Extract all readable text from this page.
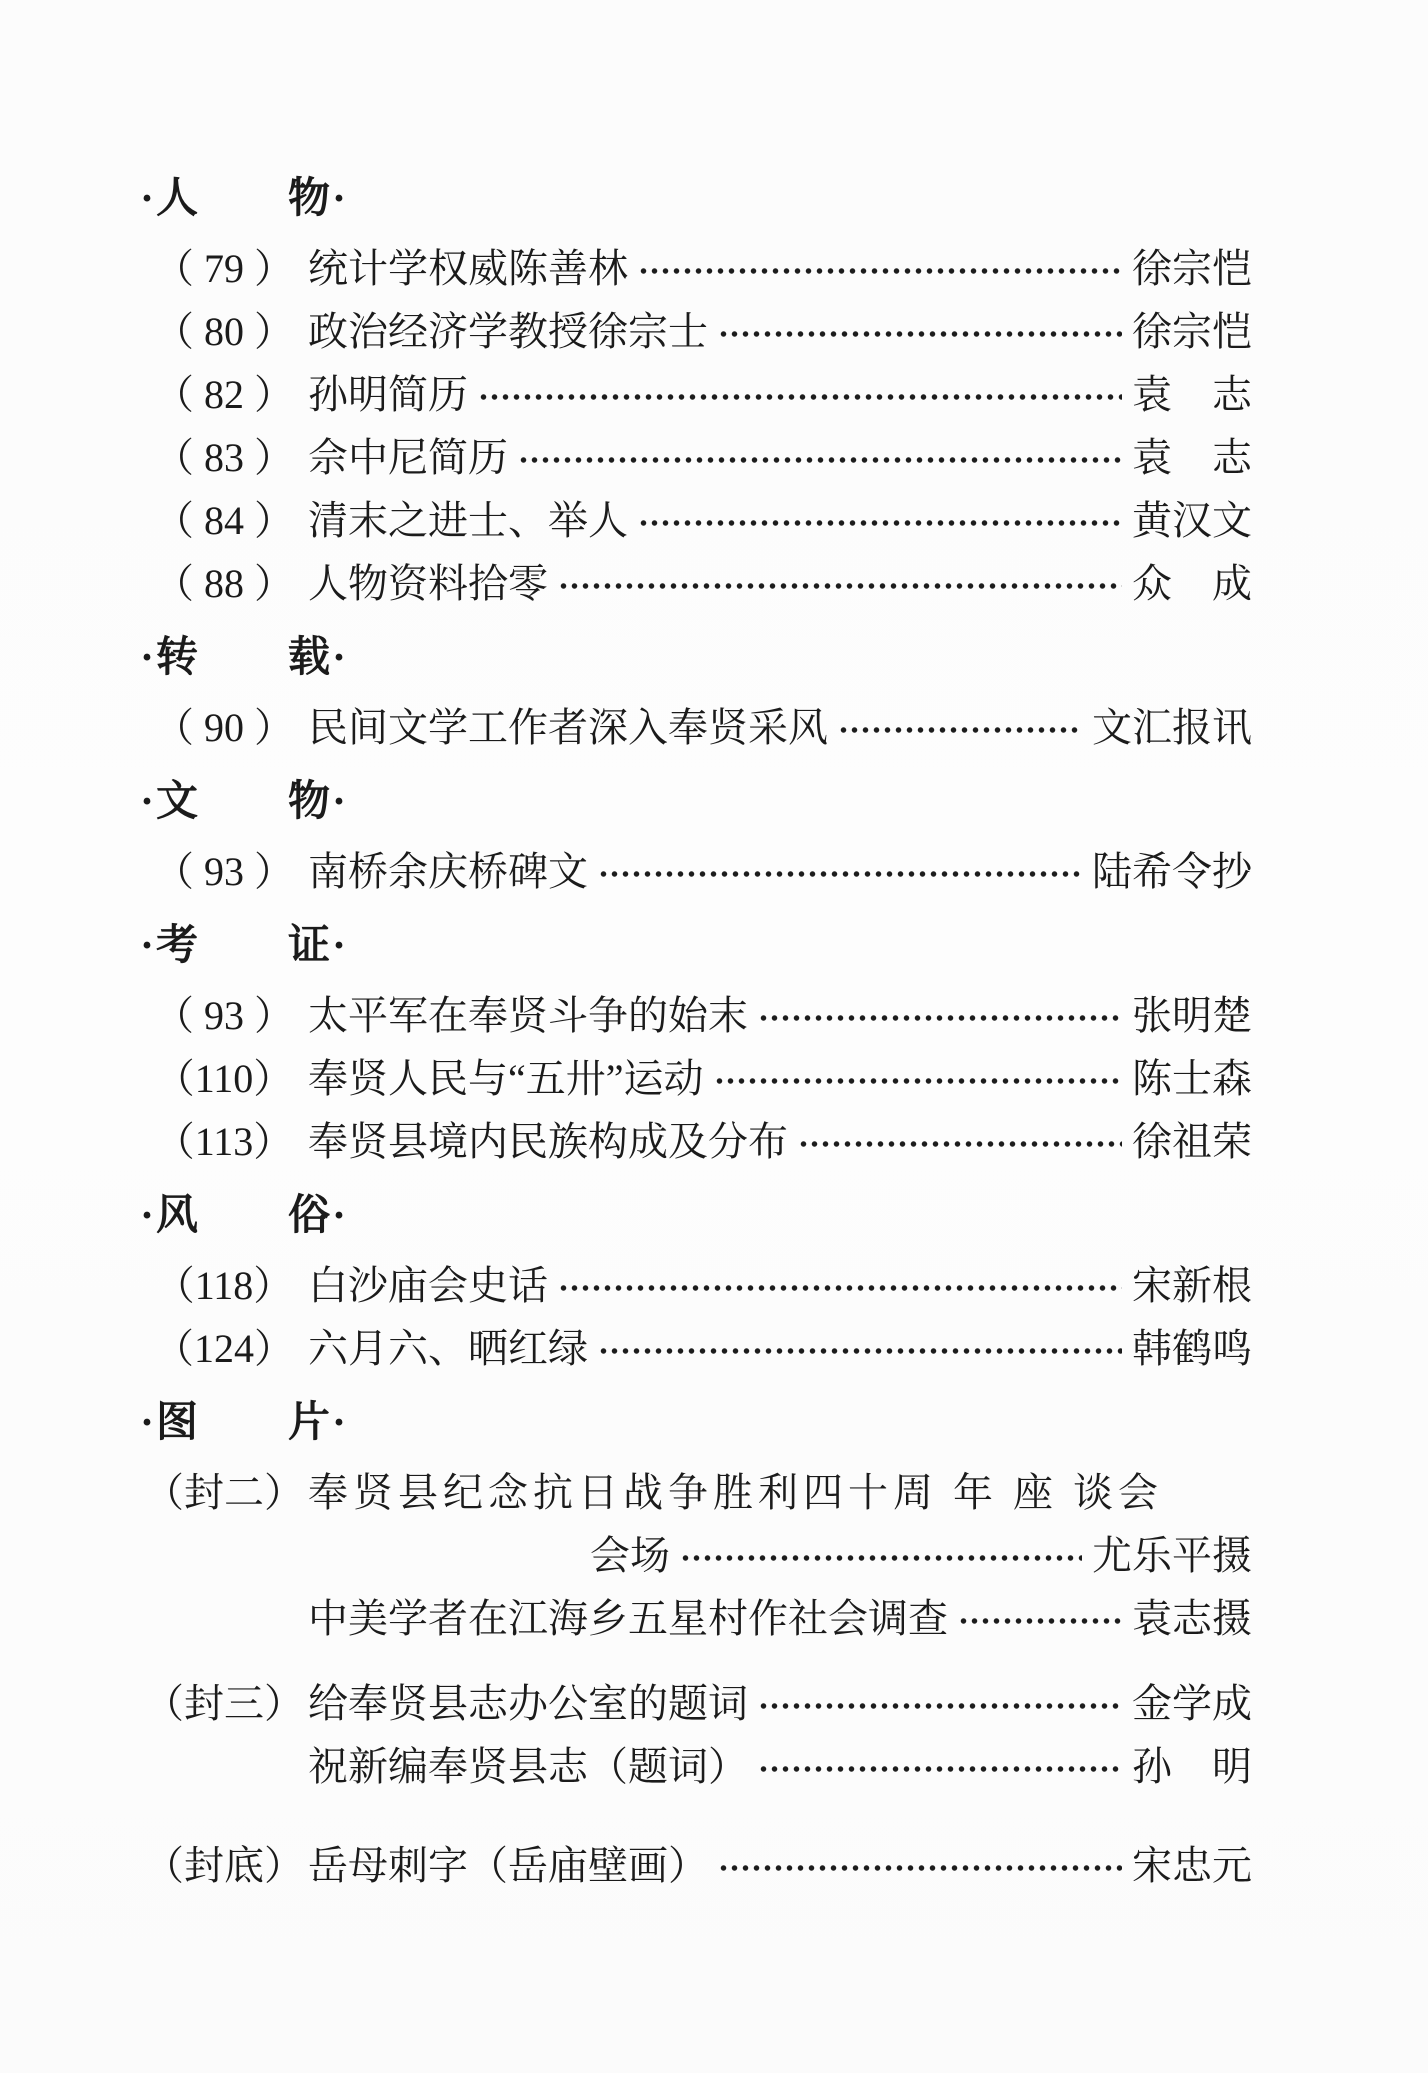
·人　　物·
（ 79 ） 统计学权威陈善林	徐宗恺
（ 80 ） 政治经济学教授徐宗士	徐宗恺
（ 82 ） 孙明简历	袁　志
（ 83 ） 佘中尼简历	袁　志
（ 84 ） 清末之进士、举人	黄汉文
（ 88 ） 人物资料拾零	众　成
·转　　载·
（ 90 ） 民间文学工作者深入奉贤采风	文汇报讯
·文　　物·
（ 93 ） 南桥余庆桥碑文	陆希令抄
·考　　证·
（ 93 ） 太平军在奉贤斗争的始末	张明楚
（110） 奉贤人民与“五卅”运动	陈士森
（113） 奉贤县境内民族构成及分布	徐祖荣
·风　　俗·
（118） 白沙庙会史话	宋新根
（124） 六月六、晒红绿	韩鹤鸣
·图　　片·
（封二） 奉贤县纪念抗日战争胜利四十周 年 座 谈会
会场	尤乐平摄
中美学者在江海乡五星村作社会调查	袁志摄
（封三） 给奉贤县志办公室的题词	金学成
祝新编奉贤县志（题词）	孙　明
（封底） 岳母刺字（岳庙壁画）	宋忠元
